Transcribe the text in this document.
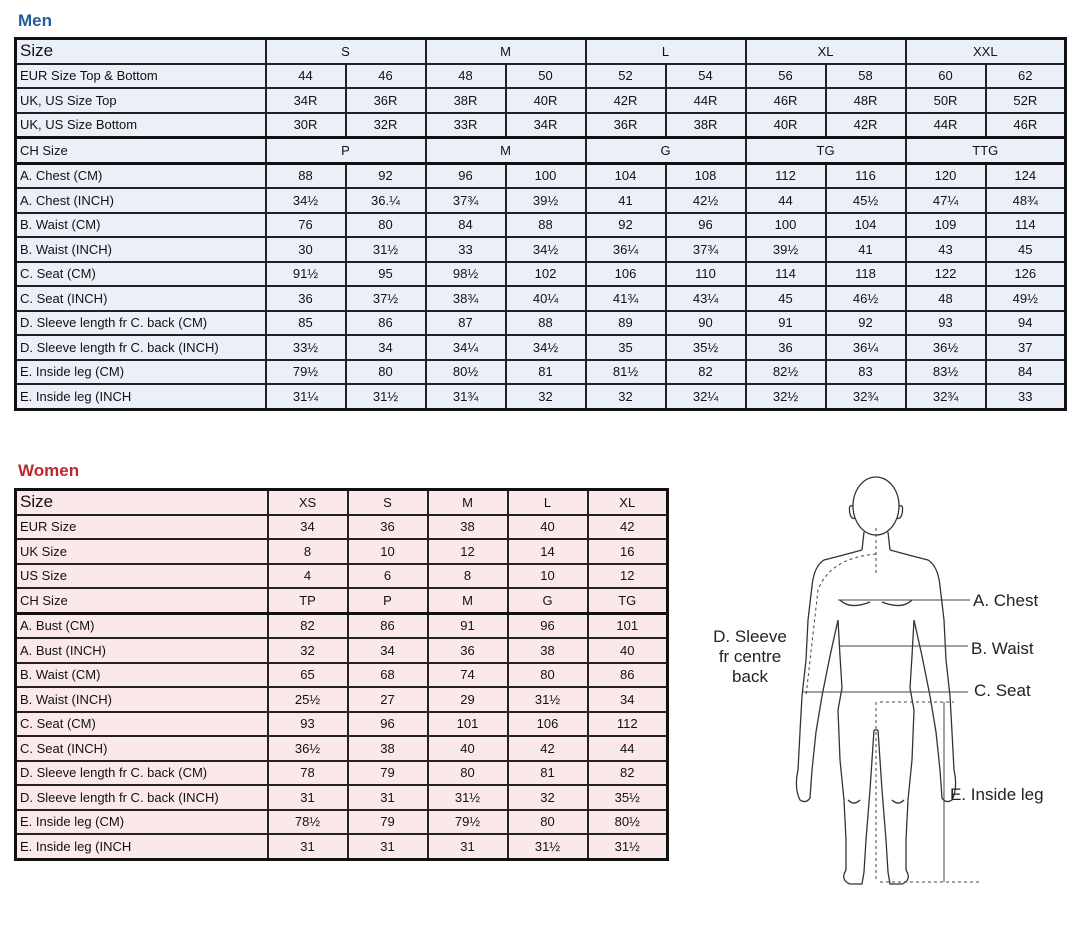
Men
Size	S		M		L		XL		XXL	
EUR Size Top & Bottom	44	46	48	50	52	54	56	58	60	62
UK, US Size Top	34R	36R	38R	40R	42R	44R	46R	48R	50R	52R
UK, US Size Bottom	30R	32R	33R	34R	36R	38R	40R	42R	44R	46R
CH Size	P		M		G		TG		TTG	
A. Chest (CM)	88	92	96	100	104	108	112	116	120	124
A. Chest (INCH)	34½	36.¼	37¾	39½	41	42½	44	45½	47¼	48¾
B. Waist (CM)	76	80	84	88	92	96	100	104	109	114
B. Waist (INCH)	30	31½	33	34½	36¼	37¾	39½	41	43	45
C. Seat (CM)	91½	95	98½	102	106	110	114	118	122	126
C. Seat (INCH)	36	37½	38¾	40¼	41¾	43¼	45	46½	48	49½
D. Sleeve length fr C. back (CM)	85	86	87	88	89	90	91	92	93	94
D. Sleeve length fr C. back (INCH)	33½	34	34¼	34½	35	35½	36	36¼	36½	37
E. Inside leg (CM)	79½	80	80½	81	81½	82	82½	83	83½	84
E. Inside leg (INCH	31¼	31½	31¾	32	32	32¼	32½	32¾	32¾	33
Women
Size	XS	S	M	L	XL
EUR Size	34	36	38	40	42
UK Size	8	10	12	14	16
US Size	4	6	8	10	12
CH Size	TP	P	M	G	TG
A. Bust (CM)	82	86	91	96	101
A. Bust (INCH)	32	34	36	38	40
B. Waist (CM)	65	68	74	80	86
B. Waist (INCH)	25½	27	29	31½	34
C. Seat (CM)	93	96	101	106	112
C. Seat (INCH)	36½	38	40	42	44
D. Sleeve length fr C. back (CM)	78	79	80	81	82
D. Sleeve length fr C. back (INCH)	31	31	31½	32	35½
E. Inside leg (CM)	78½	79	79½	80	80½
E. Inside leg (INCH	31	31	31	31½	31½
A. Chest
B. Waist
C. Seat
D. Sleeve
fr centre
back
E. Inside leg
